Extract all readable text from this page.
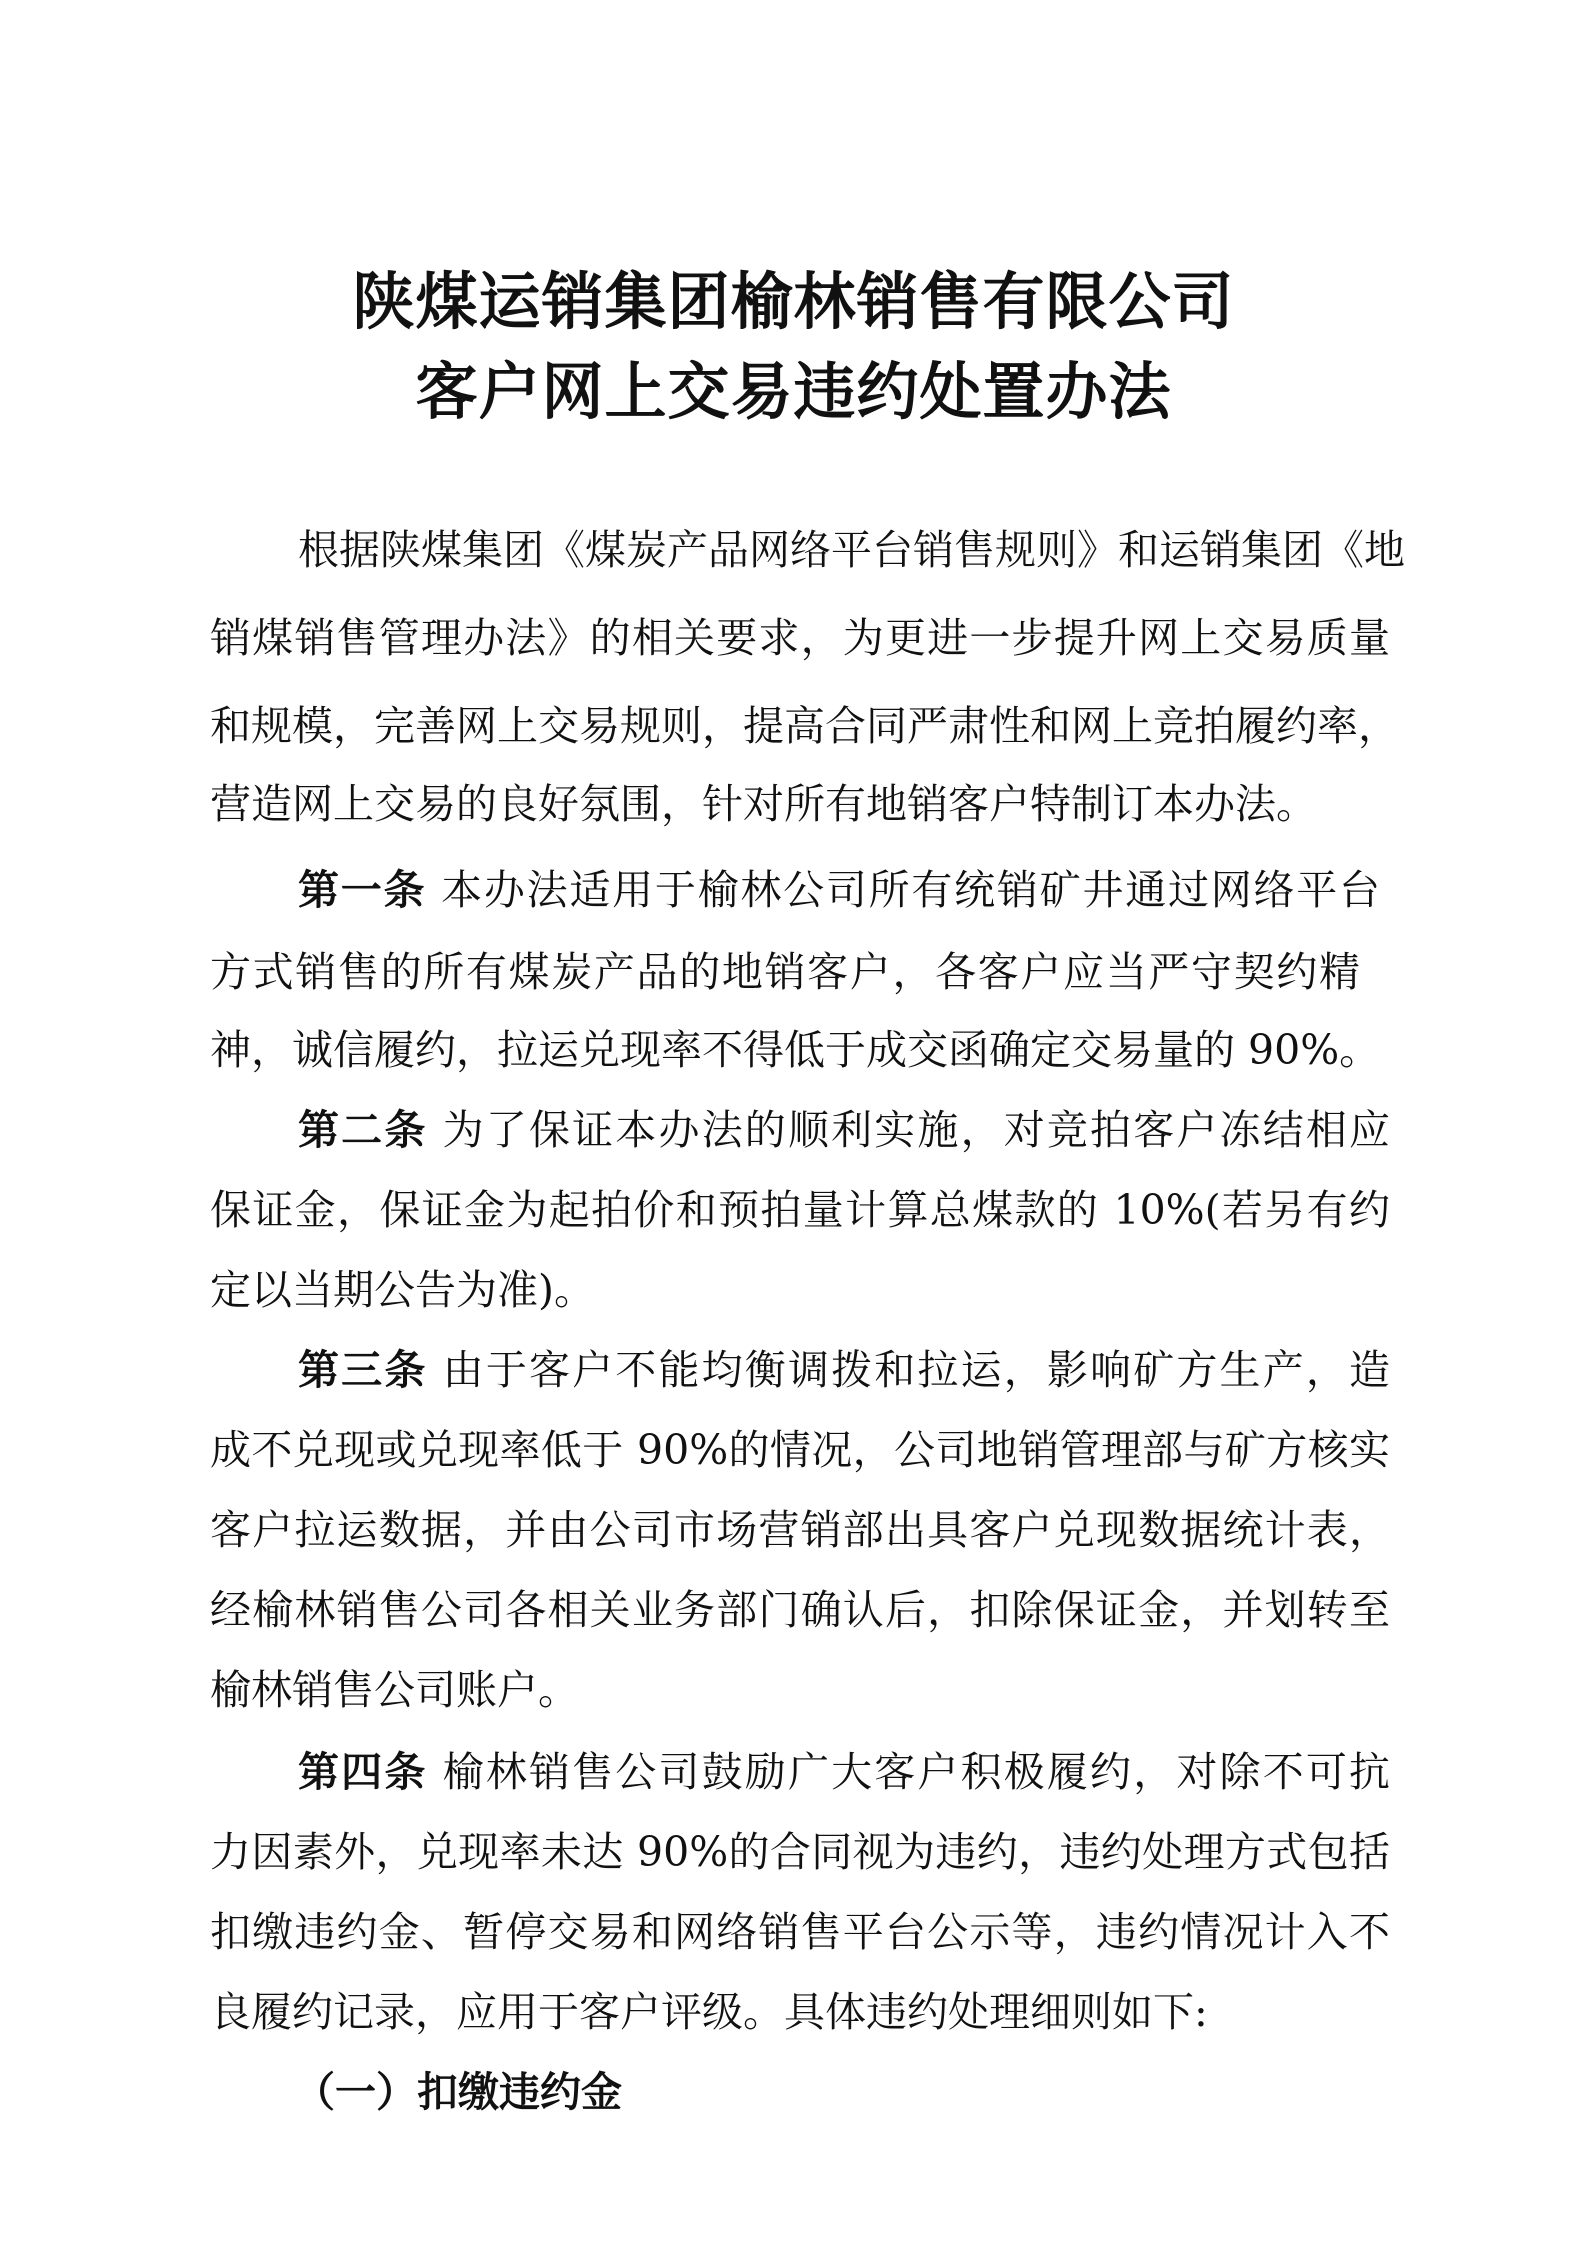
陕煤运销集团榆林销售有限公司
客户网上交易违约处置办法
根据陕煤集团《煤炭产品网络平台销售规则》和运销集团《地
销煤销售管理办法》的相关要求，为更进一步提升网上交易质量
和规模，完善网上交易规则，提高合同严肃性和网上竞拍履约率，
营造网上交易的良好氛围，针对所有地销客户特制订本办法。
第一条 本办法适用于榆林公司所有统销矿井通过网络平台
方式销售的所有煤炭产品的地销客户，各客户应当严守契约精
神，诚信履约，拉运兑现率不得低于成交函确定交易量的 90%。
第二条 为了保证本办法的顺利实施，对竞拍客户冻结相应
保证金，保证金为起拍价和预拍量计算总煤款的 10%(若另有约
定以当期公告为准)。
第三条 由于客户不能均衡调拨和拉运，影响矿方生产，造
成不兑现或兑现率低于 90%的情况，公司地销管理部与矿方核实
客户拉运数据，并由公司市场营销部出具客户兑现数据统计表，
经榆林销售公司各相关业务部门确认后，扣除保证金，并划转至
榆林销售公司账户。
第四条 榆林销售公司鼓励广大客户积极履约，对除不可抗
力因素外，兑现率未达 90%的合同视为违约，违约处理方式包括
扣缴违约金、暂停交易和网络销售平台公示等，违约情况计入不
良履约记录，应用于客户评级。具体违约处理细则如下:
（一）扣缴违约金
